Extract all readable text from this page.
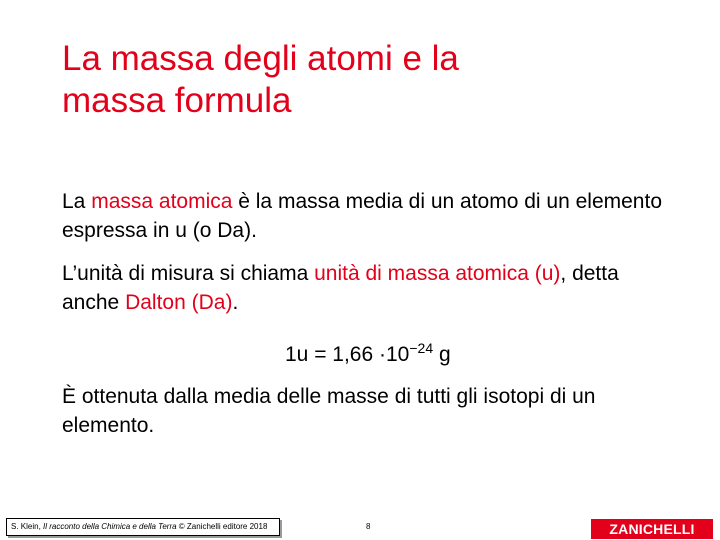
La massa degli atomi e la
massa formula

La massa atomica è la massa media di un atomo di un elemento espressa in u (o Da).

L’unità di misura si chiama unità di massa atomica (u), detta anche Dalton (Da).

$1u = 1,66 \cdot 10^{-24}$ g

È ottenuta dalla media delle masse di tutti gli isotopi di un elemento.

S. Klein, Il racconto della Chimica e della Terra © Zanichelli editore 2018	8	ZANICHELLI
